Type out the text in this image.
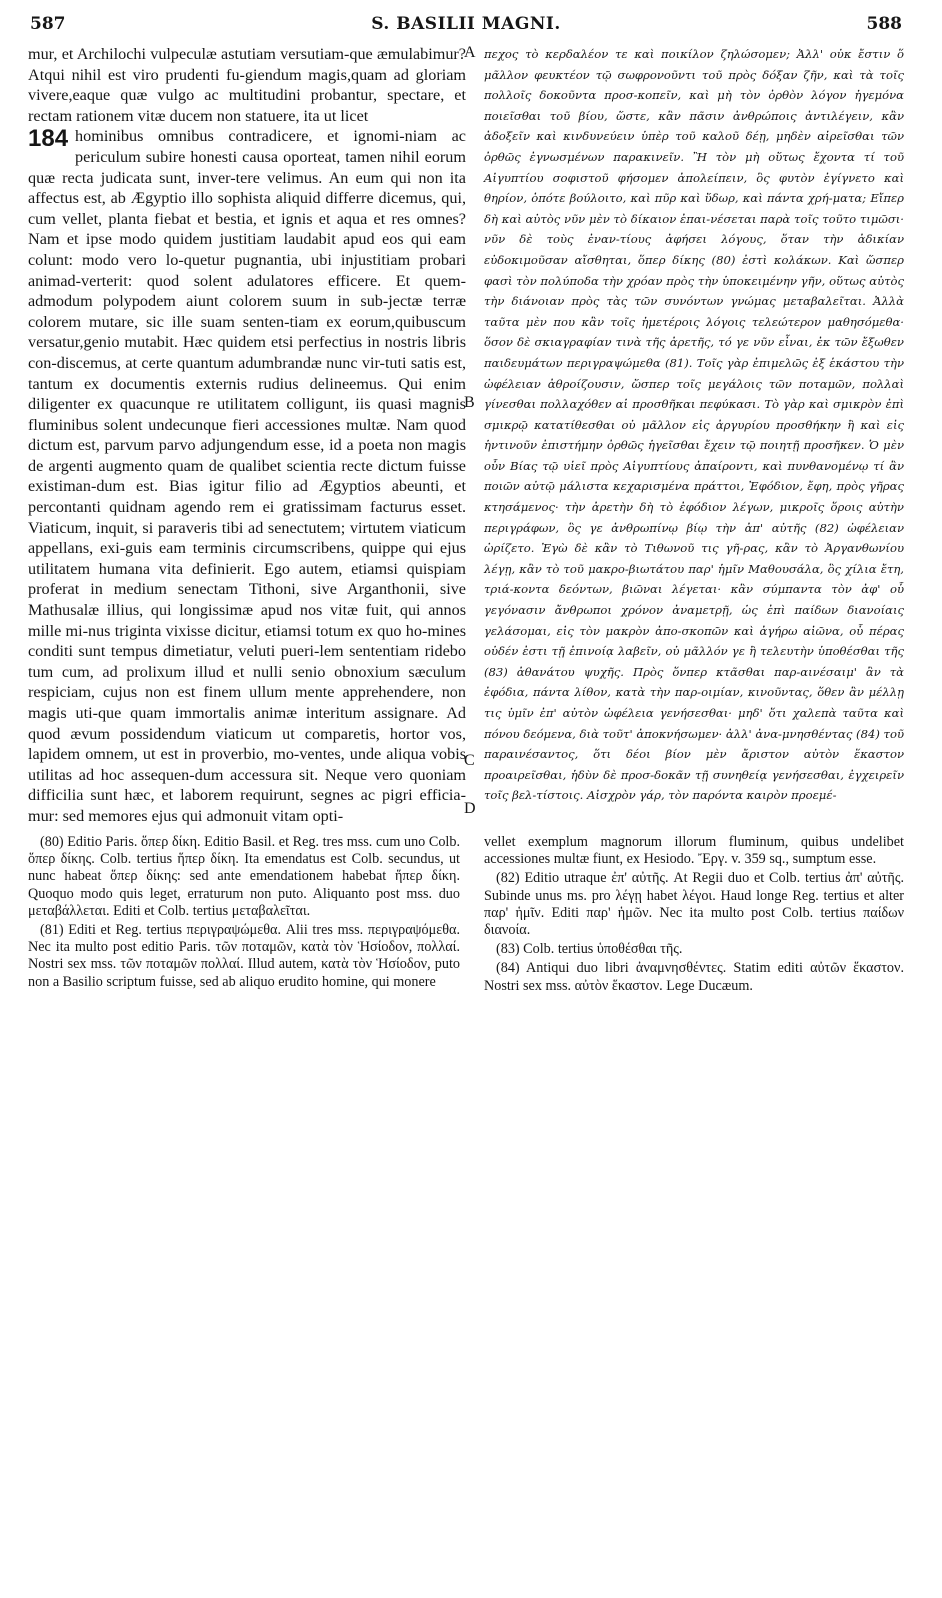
587	S. BASILII MAGNI.	588

mur, et Archilochi vulpeculæ astutiam versutiam-que æmulabimur? Atqui nihil est viro prudenti fu-giendum magis,quam ad gloriam vivere,eaque quæ vulgo ac multitudini probantur, spectare, et rectam rationem vitæ ducem non statuere, ita ut licet

184 hominibus omnibus contradicere, et ignomi-niam ac periculum subire honesti causa oporteat, tamen nihil eorum quæ recta judicata sunt, inver-tere velimus. An eum qui non ita affectus est, ab Ægyptio illo sophista aliquid differre dicemus, qui, cum vellet, planta fiebat et bestia, et ignis et aqua et res omnes? Nam et ipse modo quidem justitiam laudabit apud eos qui eam colunt: modo vero lo-quetur pugnantia, ubi injustitiam probari animad-verterit: quod solent adulatores efficere. Et quem-admodum polypodem aiunt colorem suum in sub-jectæ terræ colorem mutare, sic ille suam senten-tiam ex eorum,quibuscum versatur,genio mutabit. Hæc quidem etsi perfectius in nostris libris con-discemus, at certe quantum adumbrandæ nunc vir-tuti satis est, tantum ex documentis externis rudius delineemus. Qui enim diligenter ex quacunque re utilitatem colligunt, iis quasi magnis fluminibus solent undecunque fieri accessiones multæ. Nam quod dictum est, parvum parvo adjungendum esse, id a poeta non magis de argenti augmento quam de qualibet scientia recte dictum fuisse existiman-dum est. Bias igitur filio ad Ægyptios abeunti, et percontanti quidnam agendo rem ei gratissimam facturus esset. Viaticum, inquit, si paraveris tibi ad senectutem; virtutem viaticum appellans, exi-guis eam terminis circumscribens, quippe qui ejus utilitatem humana vita definierit. Ego autem, etiamsi quispiam proferat in medium senectam Tithoni, sive Arganthonii, sive Mathusalæ illius, qui longissimæ apud nos vitæ fuit, qui annos mille mi-nus triginta vixisse dicitur, etiamsi totum ex quo ho-mines conditi sunt tempus dimetiatur, veluti pueri-lem sententiam ridebo tum cum, ad prolixum illud et nulli senio obnoxium sæculum respiciam, cujus non est finem ullum mente apprehendere, non magis uti-que quam immortalis animæ interitum assignare. Ad quod ævum possidendum viaticum ut comparetis, hortor vos, lapidem omnem, ut est in proverbio, mo-ventes, unde aliqua vobis utilitas ad hoc assequen-dum accessura sit. Neque vero quoniam difficilia sunt hæc, et laborem requirunt, segnes ac pigri efficia-mur: sed memores ejus qui admonuit vitam opti-

A
B
C
D

πεχος τὸ κερδαλέον τε καὶ ποικίλον ζηλώσομεν; Ἀλλ' οὐκ ἔστιν ὅ μᾶλλον φευκτέον τῷ σωφρονοῦντι τοῦ πρὸς δόξαν ζῆν, καὶ τὰ τοῖς πολλοῖς δοκοῦντα προσ-κοπεῖν, καὶ μὴ τὸν ὀρθὸν λόγον ἡγεμόνα ποιεῖσθαι τοῦ βίου, ὥστε, κἂν πᾶσιν ἀνθρώποις ἀντιλέγειν, κἂν ἀδοξεῖν καὶ κινδυνεύειν ὑπὲρ τοῦ καλοῦ δέῃ, μηδὲν αἱρεῖσθαι τῶν ὀρθῶς ἐγνωσμένων παρακινεῖν. Ἢ τὸν μὴ οὕτως ἔχοντα τί τοῦ Αἰγυπτίου σοφιστοῦ φήσομεν ἀπολείπειν, ὃς φυτὸν ἐγίγνετο καὶ θηρίον, ὁπότε βούλοιτο, καὶ πῦρ καὶ ὕδωρ, καὶ πάντα χρή-ματα; Εἴπερ δὴ καὶ αὐτὸς νῦν μὲν τὸ δίκαιον ἐπαι-νέσεται παρὰ τοῖς τοῦτο τιμῶσι· νῦν δὲ τοὺς ἐναν-τίους ἀφήσει λόγους, ὅταν τὴν ἀδικίαν εὐδοκιμοῦσαν αἴσθηται, ὅπερ δίκης (80) ἐστὶ κολάκων. Καὶ ὥσπερ φασὶ τὸν πολύποδα τὴν χρόαν πρὸς τὴν ὑποκειμένην γῆν, οὕτως αὐτὸς τὴν διάνοιαν πρὸς τὰς τῶν συνόντων γνώμας μεταβαλεῖται. Ἀλλὰ ταῦτα μὲν που κἂν τοῖς ἡμετέροις λόγοις τελεώτερον μαθησόμεθα· ὅσον δὲ σκιαγραφίαν τινὰ τῆς ἀρετῆς, τό γε νῦν εἶναι, ἐκ τῶν ἔξωθεν παιδευμάτων περιγραψώμεθα (81). Τοῖς γὰρ ἐπιμελῶς ἐξ ἑκάστου τὴν ὠφέλειαν ἀθροίζουσιν, ὥσπερ τοῖς μεγάλοις τῶν ποταμῶν, πολλαὶ γίνεσθαι πολλαχόθεν αἱ προσθῆκαι πεφύκασι. Τὸ γὰρ καὶ σμικρὸν ἐπὶ σμικρῷ κατατίθεσθαι οὐ μᾶλλον εἰς ἀργυρίου προσθήκην ἢ καὶ εἰς ἡντινοῦν ἐπιστήμην ὀρθῶς ἡγεῖσθαι ἔχειν τῷ ποιητῇ προσῆκεν. Ὁ μὲν οὖν Βίας τῷ υἱεῖ πρὸς Αἰγυπτίους ἀπαίροντι, καὶ πυνθανομένῳ τί ἂν ποιῶν αὐτῷ μάλιστα κεχαρισμένα πράττοι, Ἐφόδιον, ἔφη, πρὸς γῆρας κτησάμενος· τὴν ἀρετὴν δὴ τὸ ἐφόδιον λέγων, μικροῖς ὅροις αὐτὴν περιγράφων, ὃς γε ἀνθρωπίνῳ βίῳ τὴν ἀπ' αὐτῆς (82) ὠφέλειαν ὡρίζετο. Ἐγὼ δὲ κἂν τὸ Τιθωνοῦ τις γῆ-ρας, κἂν τὸ Ἀργανθωνίου λέγῃ, κἂν τὸ τοῦ μακρο-βιωτάτου παρ' ἡμῖν Μαθουσάλα, ὃς χίλια ἔτη, τριά-κοντα δεόντων, βιῶναι λέγεται· κἂν σύμπαντα τὸν ἀφ' οὗ γεγόνασιν ἄνθρωποι χρόνον ἀναμετρῇ, ὡς ἐπὶ παίδων διανοίαις γελάσομαι, εἰς τὸν μακρὸν ἀπο-σκοπῶν καὶ ἀγήρω αἰῶνα, οὗ πέρας οὐδέν ἐστι τῇ ἐπινοίᾳ λαβεῖν, οὐ μᾶλλόν γε ἢ τελευτὴν ὑποθέσθαι τῆς (83) ἀθανάτου ψυχῆς. Πρὸς ὅνπερ κτᾶσθαι παρ-αινέσαιμ' ἂν τὰ ἐφόδια, πάντα λίθον, κατὰ τὴν παρ-οιμίαν, κινοῦντας, ὅθεν ἂν μέλλῃ τις ὑμῖν ἐπ' αὐτὸν ὠφέλεια γενήσεσθαι· μηδ' ὅτι χαλεπὰ ταῦτα καὶ πόνου δεόμενα, διὰ τοῦτ' ἀποκνήσωμεν· ἀλλ' ἀνα-μνησθέντας (84) τοῦ παραινέσαντος, ὅτι δέοι βίον μὲν ἄριστον αὐτὸν ἕκαστον προαιρεῖσθαι, ἡδὺν δὲ προσ-δοκᾶν τῇ συνηθείᾳ γενήσεσθαι, ἐγχειρεῖν τοῖς βελ-τίστοις. Αἰσχρὸν γάρ, τὸν παρόντα καιρὸν προεμέ-

(80) Editio Paris. ὅπερ δίκη. Editio Basil. et Reg. tres mss. cum uno Colb. ὅπερ δίκης. Colb. tertius ἥπερ δίκη. Ita emendatus est Colb. secundus, ut nunc habeat ὅπερ δίκης: sed ante emendationem habebat ἥπερ δίκη. Quoquo modo quis leget, erraturum non puto. Aliquanto post mss. duo μεταβάλλεται. Editi et Colb. tertius μεταβαλεῖται.

(81) Editi et Reg. tertius περιγραψώμεθα. Alii tres mss. περιγραψόμεθα. Nec ita multo post editio Paris. τῶν ποταμῶν, κατὰ τὸν Ἡσίοδον, πολλαί. Nostri sex mss. τῶν ποταμῶν πολλαί. Illud autem, κατὰ τὸν Ἡσίοδον, puto non a Basilio scriptum fuisse, sed ab aliquo erudito homine, qui monere

vellet exemplum magnorum illorum fluminum, quibus undelibet accessiones multæ fiunt, ex Hesiodo. Ἔργ. v. 359 sq., sumptum esse.

(82) Editio utraque ἐπ' αὐτῆς. At Regii duo et Colb. tertius ἀπ' αὐτῆς. Subinde unus ms. pro λέγῃ habet λέγοι. Haud longe Reg. tertius et alter παρ' ἡμῖν. Editi παρ' ἡμῶν. Nec ita multo post Colb. tertius παίδων διανοία.

(83) Colb. tertius ὑποθέσθαι τῆς.

(84) Antiqui duo libri ἀναμνησθέντες. Statim editi αὐτῶν ἕκαστον. Nostri sex mss. αὐτὸν ἕκαστον. Lege Ducæum.
